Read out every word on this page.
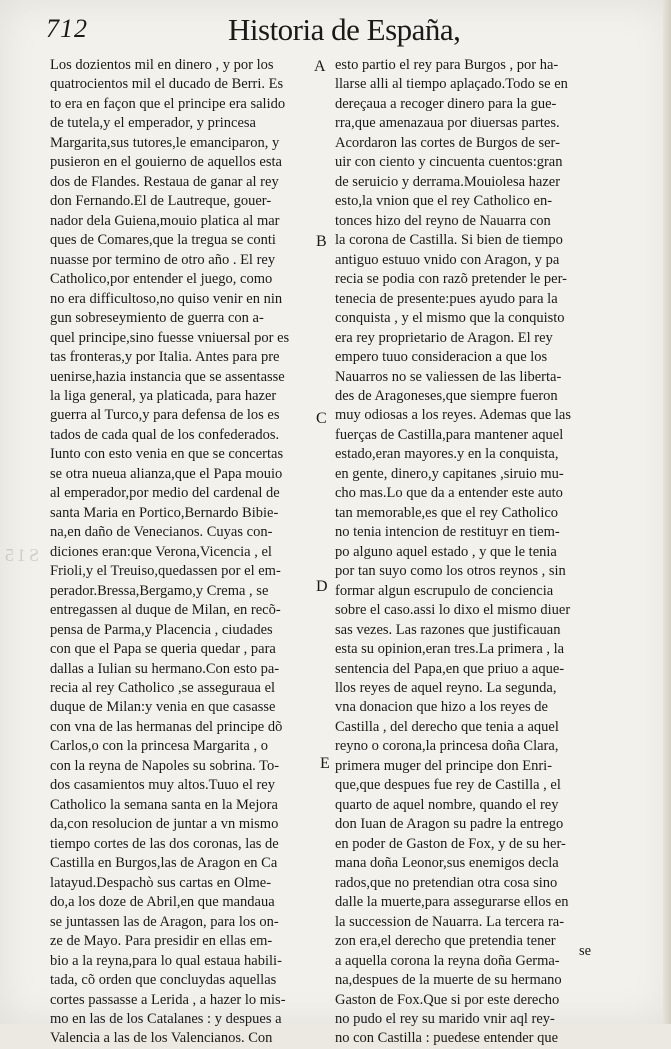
712	Historia de España,
Los dozientos mil en dinero , y por los
quatrocientos mil el ducado de Berri. Es
to era en façon que el principe era salido
de tutela,y el emperador, y princesa
Margarita,sus tutores,le emanciparon, y
pusieron en el gouierno de aquellos esta
dos de Flandes. Restaua de ganar al rey
don Fernando.El de Lautreque, gouer-
nador dela Guiena,mouio platica al mar
ques de Comares,que la tregua se conti
nuasse por termino de otro año . El rey
Catholico,por entender el juego, como
no era difficultoso,no quiso venir en nin
gun sobreseymiento de guerra con a-
quel principe,sino fuesse vniuersal por es
tas fronteras,y por Italia. Antes para pre
uenirse,hazia instancia que se assentasse
la liga general, ya platicada, para hazer
guerra al Turco,y para defensa de los es
tados de cada qual de los confederados.
Iunto con esto venia en que se concertas
se otra nueua alianza,que el Papa mouio
al emperador,por medio del cardenal de
santa Maria en Portico,Bernardo Bibie-
na,en daño de Venecianos. Cuyas con-
diciones eran:que Verona,Vicencia , el
Frioli,y el Treuiso,quedassen por el em-
perador.Bressa,Bergamo,y Crema , se
entregassen al duque de Milan, en recõ-
pensa de Parma,y Placencia , ciudades
con que el Papa se queria quedar , para
dallas a Iulian su hermano.Con esto pa-
recia al rey Catholico ,se asseguraua el
duque de Milan:y venia en que casasse
con vna de las hermanas del principe dõ
Carlos,o con la princesa Margarita , o
con la reyna de Napoles su sobrina. To-
dos casamientos muy altos.Tuuo el rey
Catholico la semana santa en la Mejora
da,con resolucion de juntar a vn mismo
tiempo cortes de las dos coronas, las de
Castilla en Burgos,las de Aragon en Ca
latayud.Despachò sus cartas en Olme-
do,a los doze de Abril,en que mandaua
se juntassen las de Aragon, para los on-
ze de Mayo. Para presidir en ellas em-
bio a la reyna,para lo qual estaua habili-
tada, cõ orden que concluydas aquellas
cortes passasse a Lerida , a hazer lo mis-
mo en las de los Catalanes : y despues a
Valencia a las de los Valencianos. Con
esto partio el rey para Burgos , por ha-
llarse alli al tiempo aplaçado.Todo se en
dereçaua a recoger dinero para la gue-
rra,que amenazaua por diuersas partes.
Acordaron las cortes de Burgos de ser-
uir con ciento y cincuenta cuentos:gran
de seruicio y derrama.Mouiolesa hazer
esto,la vnion que el rey Catholico en-
tonces hizo del reyno de Nauarra con
la corona de Castilla. Si bien de tiempo
antiguo estuuo vnido con Aragon, y pa
recia se podia con razõ pretender le per-
tenecia de presente:pues ayudo para la
conquista , y el mismo que la conquisto
era rey proprietario de Aragon. El rey
empero tuuo consideracion a que los
Nauarros no se valiessen de las liberta-
des de Aragoneses,que siempre fueron
muy odiosas a los reyes. Ademas que las
fuerças de Castilla,para mantener aquel
estado,eran mayores.y en la conquista,
en gente, dinero,y capitanes ,siruio mu-
cho mas.Lo que da a entender este auto
tan memorable,es que el rey Catholico
no tenia intencion de restituyr en tiem-
po alguno aquel estado , y que le tenia
por tan suyo como los otros reynos , sin
formar algun escrupulo de conciencia
sobre el caso.assi lo dixo el mismo diuer
sas vezes. Las razones que justificauan
esta su opinion,eran tres.La primera , la
sentencia del Papa,en que priuo a aque-
llos reyes de aquel reyno. La segunda,
vna donacion que hizo a los reyes de
Castilla , del derecho que tenia a aquel
reyno o corona,la princesa doña Clara,
primera muger del principe don Enri-
que,que despues fue rey de Castilla , el
quarto de aquel nombre, quando el rey
don Iuan de Aragon su padre la entrego
en poder de Gaston de Fox, y de su her-
mana doña Leonor,sus enemigos decla
rados,que no pretendian otra cosa sino
dalle la muerte,para assegurarse ellos en
la succession de Nauarra. La tercera ra-
zon era,el derecho que pretendia tener
a aquella corona la reyna doña Germa-
na,despues de la muerte de su hermano
Gaston de Fox.Que si por este derecho
no pudo el rey su marido vnir aql rey-
no con Castilla : puedese entender que
A
B
C
D
E
se
S15
